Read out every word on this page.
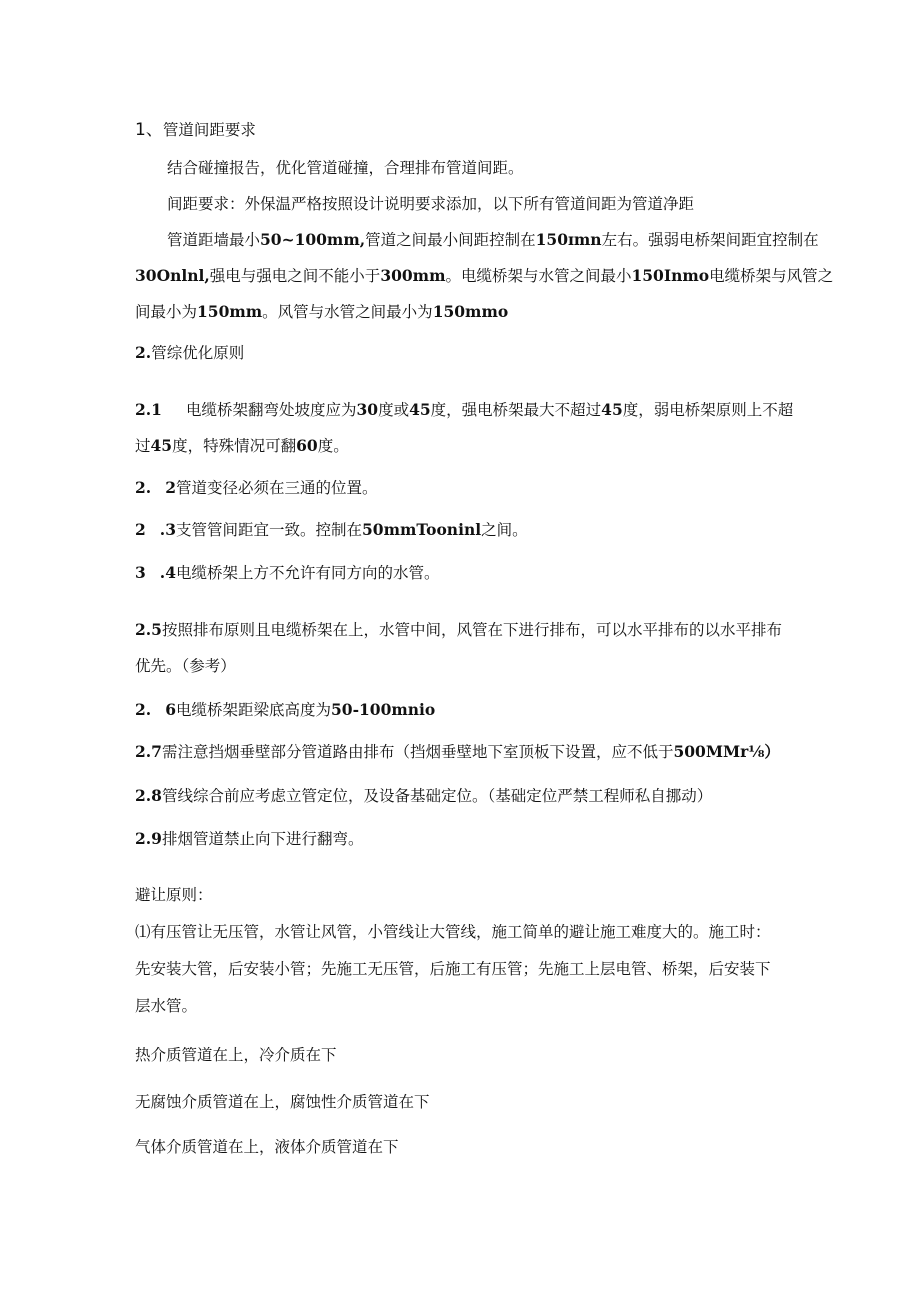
1、管道间距要求
结合碰撞报告，优化管道碰撞，合理排布管道间距。
间距要求：外保温严格按照设计说明要求添加，以下所有管道间距为管道净距
管道距墙最小50~100mm,管道之间最小间距控制在150ɪmn左右。强弱电桥架间距宜控制在
30Onlnl,强电与强电之间不能小于300mm。电缆桥架与水管之间最小150Inmo电缆桥架与风管之
间最小为150mm。风管与水管之间最小为150mmo
2.管综优化原则
2.1 电缆桥架翻弯处坡度应为30度或45度，强电桥架最大不超过45度，弱电桥架原则上不超
过45度，特殊情况可翻60度。
2. 2管道变径必须在三通的位置。
2 .3支管管间距宜一致。控制在50mmTooninl之间。
3 .4电缆桥架上方不允许有同方向的水管。
2.5按照排布原则且电缆桥架在上，水管中间，风管在下进行排布，可以水平排布的以水平排布
优先。（参考）
2. 6电缆桥架距梁底高度为50-100mnio
2.7需注意挡烟垂壁部分管道路由排布（挡烟垂壁地下室顶板下设置，应不低于500MMr⅛）
2.8管线综合前应考虑立管定位，及设备基础定位。（基础定位严禁工程师私自挪动）
2.9排烟管道禁止向下进行翻弯。
避让原则：
⑴有压管让无压管，水管让风管，小管线让大管线，施工简单的避让施工难度大的。施工时：
先安装大管，后安装小管；先施工无压管，后施工有压管；先施工上层电管、桥架，后安装下
层水管。
热介质管道在上，冷介质在下
无腐蚀介质管道在上，腐蚀性介质管道在下
气体介质管道在上，液体介质管道在下
